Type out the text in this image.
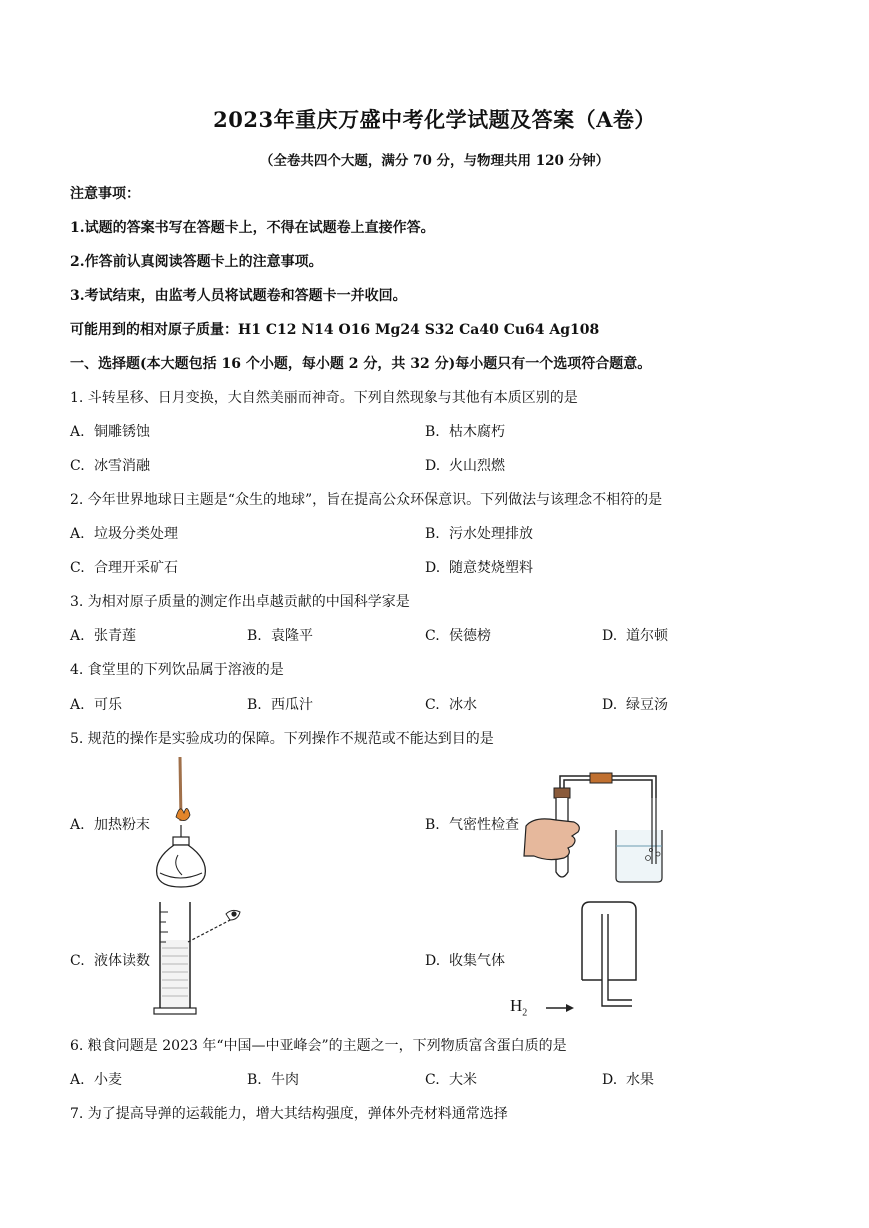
2023年重庆万盛中考化学试题及答案（A卷）
（全卷共四个大题，满分 70 分，与物理共用 120 分钟）
注意事项：
1.试题的答案书写在答题卡上，不得在试题卷上直接作答。
2.作答前认真阅读答题卡上的注意事项。
3.考试结束，由监考人员将试题卷和答题卡一并收回。
可能用到的相对原子质量：H1 C12 N14 O16 Mg24 S32 Ca40 Cu64 Ag108
一、选择题(本大题包括 16 个小题，每小题 2 分，共 32 分)每小题只有一个选项符合题意。
1. 斗转星移、日月变换，大自然美丽而神奇。下列自然现象与其他有本质区别的是
A. 铜雕锈蚀	B. 枯木腐朽
C. 冰雪消融	D. 火山烈燃
2. 今年世界地球日主题是“众生的地球”，旨在提高公众环保意识。下列做法与该理念不相符的是
A. 垃圾分类处理	B. 污水处理排放
C. 合理开采矿石	D. 随意焚烧塑料
3. 为相对原子质量的测定作出卓越贡献的中国科学家是
A. 张青莲	B. 袁隆平	C. 侯德榜	D. 道尔顿
4. 食堂里的下列饮品属于溶液的是
A. 可乐	B. 西瓜汁	C. 冰水	D. 绿豆汤
5. 规范的操作是实验成功的保障。下列操作不规范或不能达到目的是
A. 加热粉末	B. 气密性检查
C. 液体读数	D. 收集气体
$H_2$
6. 粮食问题是 2023 年“中国—中亚峰会”的主题之一，下列物质富含蛋白质的是
A. 小麦	B. 牛肉	C. 大米	D. 水果
7. 为了提高导弹的运载能力，增大其结构强度，弹体外壳材料通常选择
